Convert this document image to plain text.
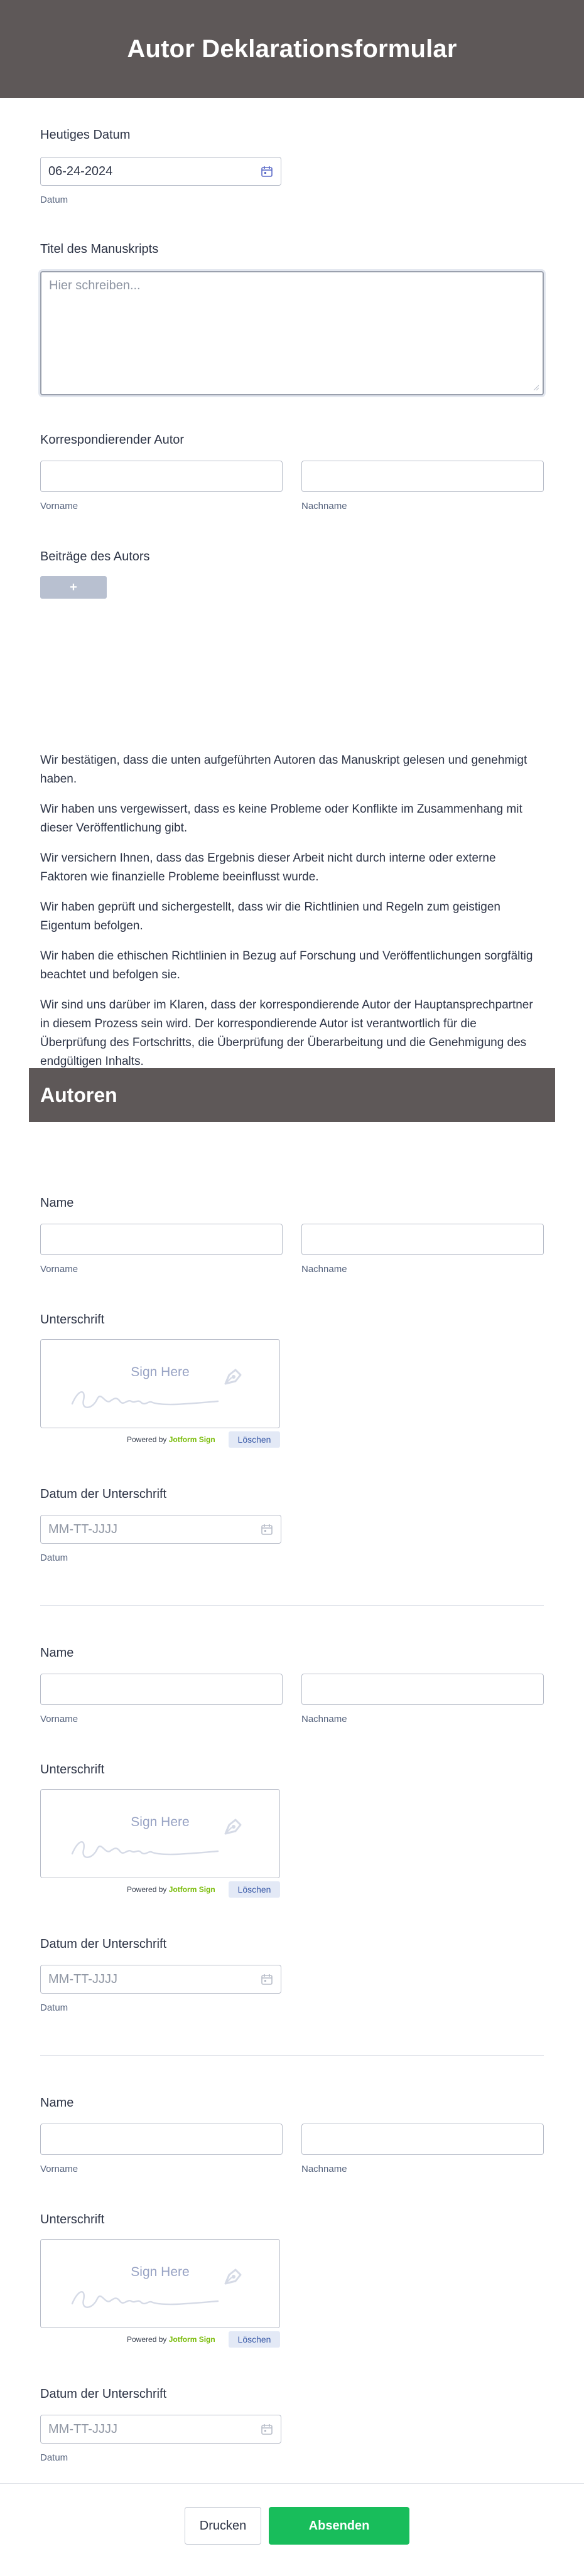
Autor Deklarationsformular
Heutiges Datum
06-24-2024
Datum
Titel des Manuskripts
Hier schreiben...
Korrespondierender Autor
Vorname	Nachname
Beiträge des Autors
+
Wir bestätigen, dass die unten aufgeführten Autoren das Manuskript gelesen und genehmigt haben.
Wir haben uns vergewissert, dass es keine Probleme oder Konflikte im Zusammenhang mit dieser Veröffentlichung gibt.
Wir versichern Ihnen, dass das Ergebnis dieser Arbeit nicht durch interne oder externe Faktoren wie finanzielle Probleme beeinflusst wurde.
Wir haben geprüft und sichergestellt, dass wir die Richtlinien und Regeln zum geistigen Eigentum befolgen.
Wir haben die ethischen Richtlinien in Bezug auf Forschung und Veröffentlichungen sorgfältig beachtet und befolgen sie.
Wir sind uns darüber im Klaren, dass der korrespondierende Autor der Hauptansprechpartner in diesem Prozess sein wird. Der korrespondierende Autor ist verantwortlich für die Überprüfung des Fortschritts, die Überprüfung der Überarbeitung und die Genehmigung des endgültigen Inhalts.
Autoren
Name
Vorname	Nachname
Unterschrift
Sign Here
Powered by Jotform Sign	Löschen
Datum der Unterschrift
MM-TT-JJJJ
Datum
Name
Vorname	Nachname
Unterschrift
Sign Here
Powered by Jotform Sign	Löschen
Datum der Unterschrift
MM-TT-JJJJ
Datum
Name
Vorname	Nachname
Unterschrift
Sign Here
Powered by Jotform Sign	Löschen
Datum der Unterschrift
MM-TT-JJJJ
Datum
Drucken	Absenden
